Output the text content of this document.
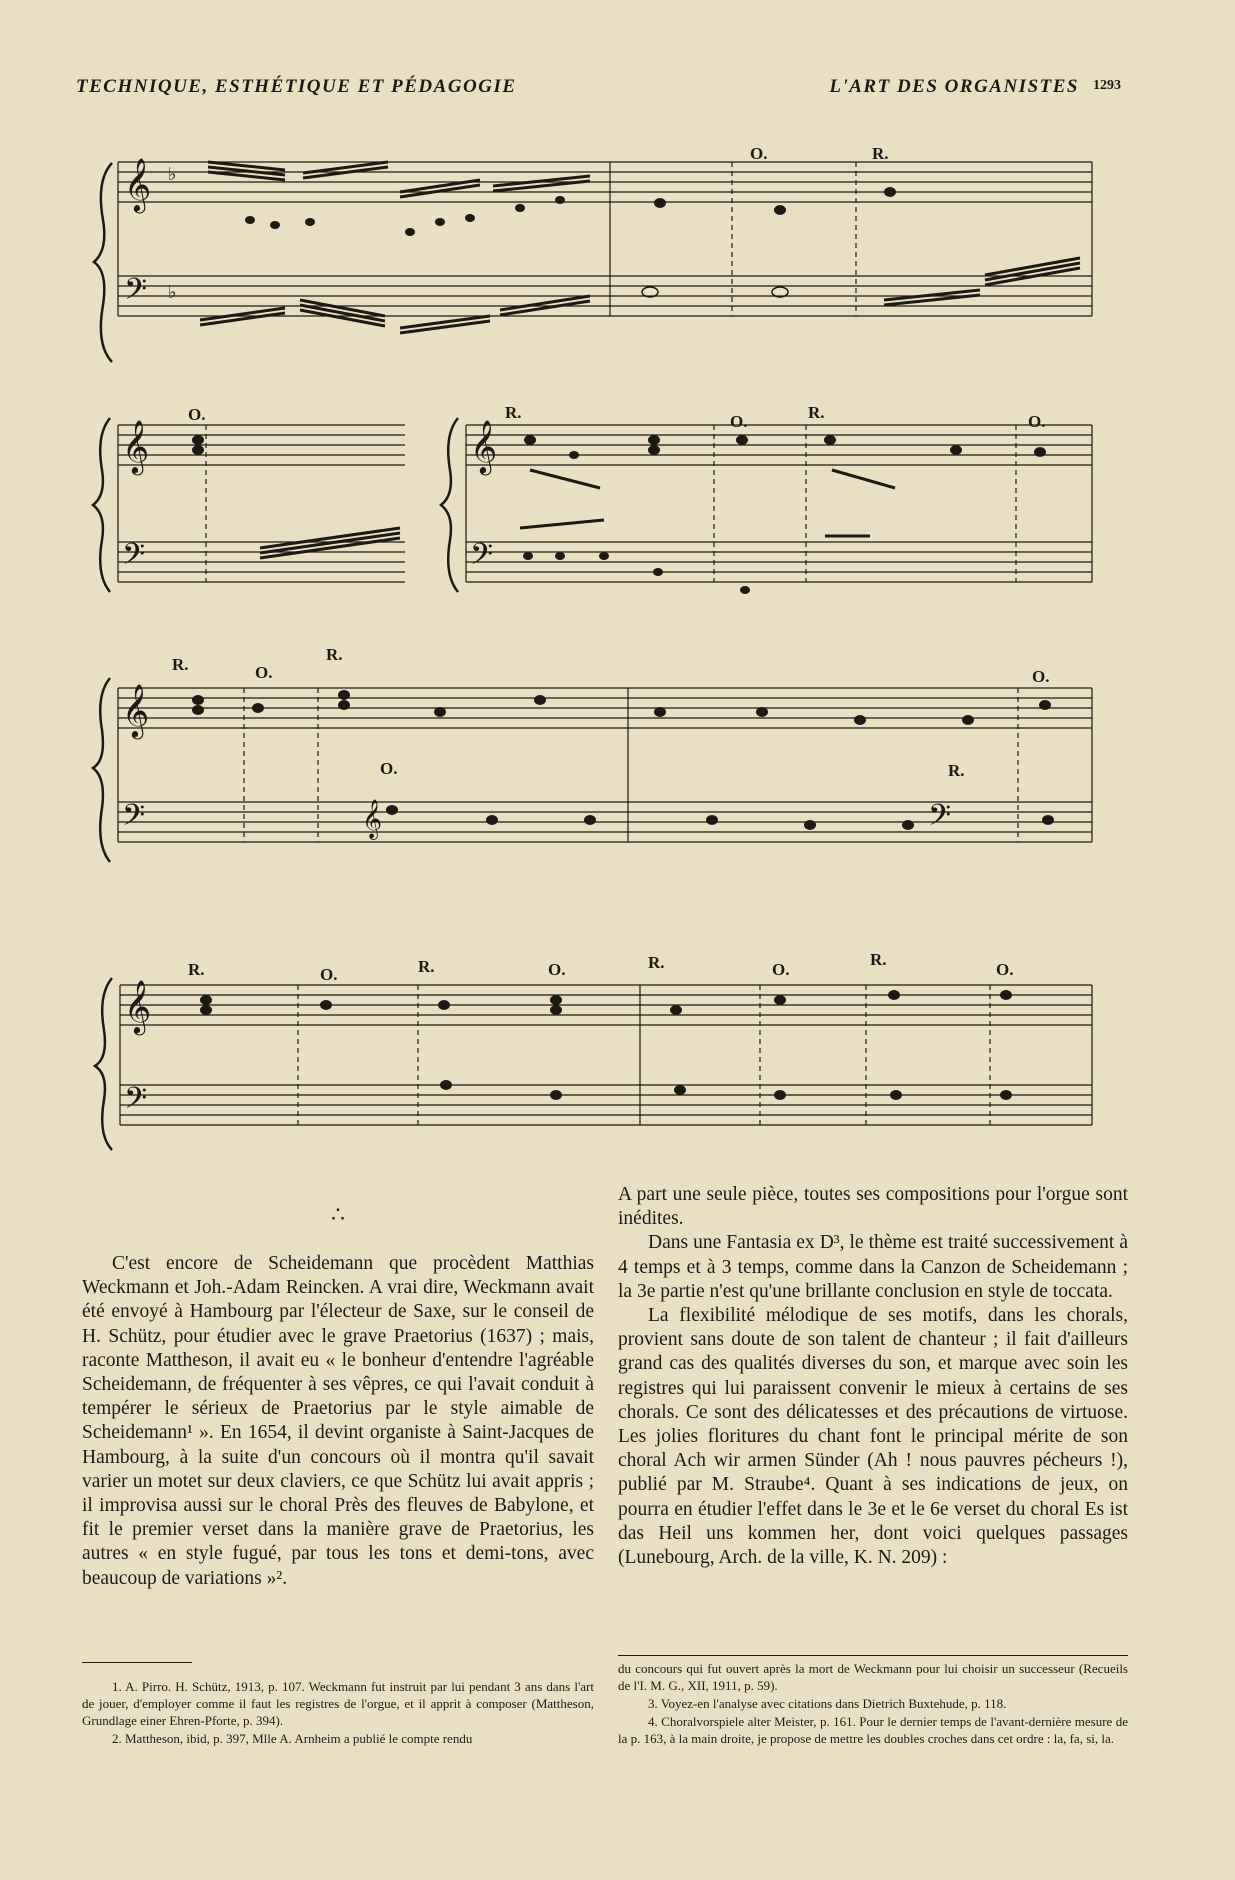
TECHNIQUE, ESTHÉTIQUE ET PÉDAGOGIE	L'ART DES ORGANISTES 1293
𝄞
𝄢
♭
♭
O.	R.
𝄞
𝄢
𝄞
𝄢
O.	R.	O.	R.	O.
𝄞
𝄢	𝄞	𝄢
R.	O.
R.
O.	R.
O.
𝄞
𝄢
R.	O.	R.	O.	R.	O.
R.
O.
∴

C'est encore de Scheidemann que procèdent Matthias Weckmann et Joh.-Adam Reincken. A vrai dire, Weckmann avait été envoyé à Hambourg par l'électeur de Saxe, sur le conseil de H. Schütz, pour étudier avec le grave Praetorius (1637) ; mais, raconte Mattheson, il avait eu « le bonheur d'entendre l'agréable Scheidemann, de fréquenter à ses vêpres, ce qui l'avait conduit à tempérer le sérieux de Praetorius par le style aimable de Scheidemann¹ ». En 1654, il devint organiste à Saint-Jacques de Hambourg, à la suite d'un concours où il montra qu'il savait varier un motet sur deux claviers, ce que Schütz lui avait appris ; il improvisa aussi sur le choral Près des fleuves de Babylone, et fit le premier verset dans la manière grave de Praetorius, les autres « en style fugué, par tous les tons et demi-tons, avec beaucoup de variations »².

A part une seule pièce, toutes ses compositions pour l'orgue sont inédites.

Dans une Fantasia ex D³, le thème est traité successivement à 4 temps et à 3 temps, comme dans la Canzon de Scheidemann ; la 3e partie n'est qu'une brillante conclusion en style de toccata.

La flexibilité mélodique de ses motifs, dans les chorals, provient sans doute de son talent de chanteur ; il fait d'ailleurs grand cas des qualités diverses du son, et marque avec soin les registres qui lui paraissent convenir le mieux à certains de ses chorals. Ce sont des délicatesses et des précautions de virtuose. Les jolies floritures du chant font le principal mérite de son choral Ach wir armen Sünder (Ah ! nous pauvres pécheurs !), publié par M. Straube⁴. Quant à ses indications de jeux, on pourra en étudier l'effet dans le 3e et le 6e verset du choral Es ist das Heil uns kommen her, dont voici quelques passages (Lunebourg, Arch. de la ville, K. N. 209) :

1. A. Pirro. H. Schütz, 1913, p. 107. Weckmann fut instruit par lui pendant 3 ans dans l'art de jouer, d'employer comme il faut les registres de l'orgue, et il apprit à composer (Mattheson, Grundlage einer Ehren-Pforte, p. 394).

2. Mattheson, ibid, p. 397, Mlle A. Arnheim a publié le compte rendu

du concours qui fut ouvert après la mort de Weckmann pour lui choisir un successeur (Recueils de l'I. M. G., XII, 1911, p. 59).

3. Voyez-en l'analyse avec citations dans Dietrich Buxtehude, p. 118.

4. Choralvorspiele alter Meister, p. 161. Pour le dernier temps de l'avant-dernière mesure de la p. 163, à la main droite, je propose de mettre les doubles croches dans cet ordre : la, fa, si, la.
